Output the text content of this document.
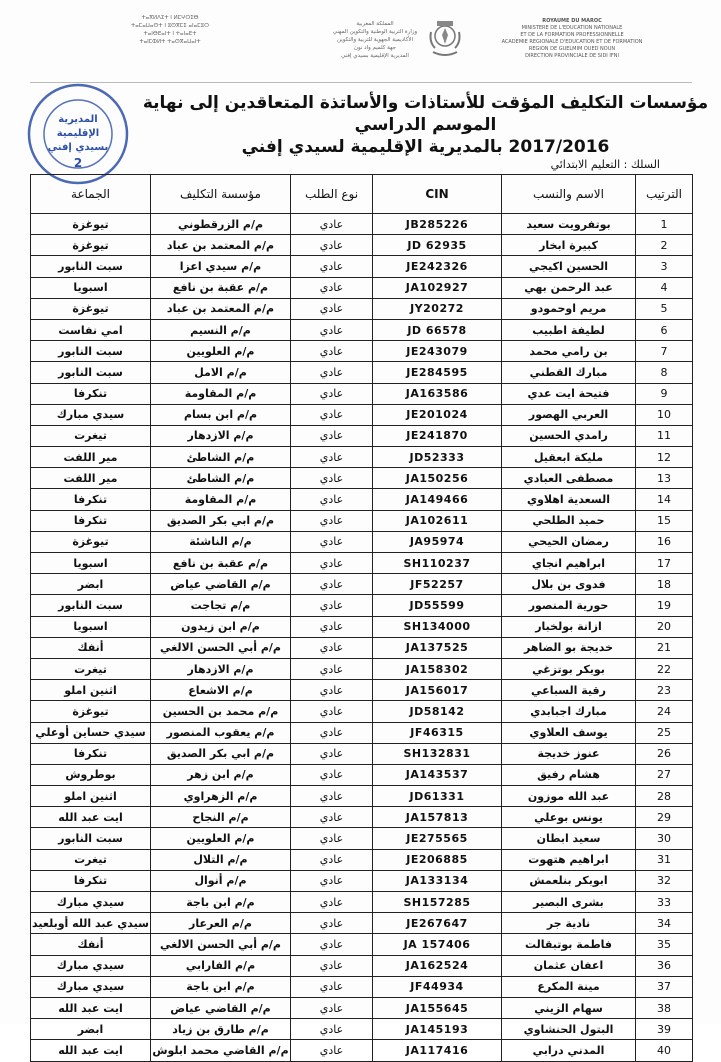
ⵜⴰⴳⵍⴷⵉⵜ ⵏ ⵍⵎⵖⵔⵉⴱ
ⵜⴰⵎⴰⵡⴰⵙⵜ ⵏ ⵓⵙⴳⵎⵉ ⴰⵏⴰⵎⵓⵔ
ⵜⴰⵏⴱⴹⴰⵏⵜ ⵏ ⵜⴰⵏⴰⴹⵜ
ⵜⴰⵏⵎⵀⵍⵜ ⵜⴰⵙⴳⴰⵡⴰⵏⵜ
المملكة المغربية
وزارة التربية الوطنية والتكوين المهني
الأكاديمية الجهوية للتربية والتكوين
جهة كلميم واد نون
المديرية الإقليمية بسيدي إفني
ROYAUME DU MAROC
MINISTERE DE L'EDUCATION NATIONALE
ET DE LA FORMATION PROFESSIONNELLE
ACADEMIE REGIONALE D'EDUCATION ET DE FORMATION
REGION DE GUELMIM OUED NOUN
DIRECTION PROVINCIALE DE SIDI IFNI
مؤسسات التكليف المؤقت للأستاذات والأساتذة المتعاقدين إلى نهاية الموسم الدراسي
2017/2016 بالمديرية الإقليمية لسيدي إفني
المديرية
الإقليمية
بسيدي إفني
2	السلك : التعليم الابتدائي
الترتيب	الاسم والنسب	CIN	نوع الطلب	مؤسسة التكليف	الجماعة
1	بوتفرويت سعيد	JB285226	عادي	م/م الزرقطوني	تيوغزة
2	كبيرة ابخار	JD 62935	عادي	م/م المعتمد بن عباد	تيوغزة
3	الحسين اكيجي	JE242326	عادي	م/م سيدي اعزا	سبت النابور
4	عبد الرحمن بهي	JA102927	عادي	م/م عقبة بن نافع	اسبويا
5	مريم اوحمودو	JY20272	عادي	م/م المعتمد بن عباد	تيوغزة
6	لطيفة اطبيب	JD 66578	عادي	م/م النسيم	امي نفاست
7	بن رامي محمد	JE243079	عادي	م/م العلويين	سبت النابور
8	مبارك القطني	JE284595	عادي	م/م الامل	سبت النابور
9	فتيحة ايت عدي	JA163586	عادي	م/م المقاومة	تنكرفا
10	العربي الهصور	JE201024	عادي	م/م ابن بسام	سيدي مبارك
11	رامدي الحسين	JE241870	عادي	م/م الازدهار	تيغرت
12	مليكة ابعقيل	JD52333	عادي	م/م الشاطئ	مير اللفت
13	مصطفى العبادي	JA150256	عادي	م/م الشاطئ	مير اللفت
14	السعدية اهلاوي	JA149466	عادي	م/م المقاومة	تنكرفا
15	حميد الطلحي	JA102611	عادي	م/م ابي بكر الصديق	تنكرفا
16	رمضان الحيحي	JA95974	عادي	م/م الناشئة	تيوغزة
17	ابراهيم انجاي	SH110237	عادي	م/م عقبة بن نافع	اسبويا
18	فدوى بن بلال	JF52257	عادي	م/م القاضي عياض	ابضر
19	حورية المنصور	JD55599	عادي	م/م تجاجت	سبت النابور
20	ازانة بولخبار	SH134000	عادي	م/م ابن زيدون	اسبويا
21	خديجة بو الضاهر	JA137525	عادي	م/م أبي الحسن الالغي	أنفك
22	بوبكر بوتزغي	JA158302	عادي	م/م الازدهار	تيغرت
23	رقية السباعي	JA156017	عادي	م/م الاشعاع	اثنين املو
24	مبارك اجبابدي	JD58142	عادي	م/م محمد بن الحسين	تيوغزة
25	يوسف العلاوي	JF46315	عادي	م/م يعقوب المنصور	سيدي حساين أوعلي
26	عنوز خديجة	SH132831	عادي	م/م ابي بكر الصديق	تنكرفا
27	هشام رفيق	JA143537	عادي	م/م ابن زهر	بوطروش
28	عبد الله موزون	JD61331	عادي	م/م الزهراوي	اثنين املو
29	يونس بوعلي	JA157813	عادي	م/م النجاح	ايت عبد الله
30	سعيد ابطان	JE275565	عادي	م/م العلويين	سبت النابور
31	ابراهيم هتهوت	JE206885	عادي	م/م التلال	تيغرت
32	ابوبكر بنلعمش	JA133134	عادي	م/م أنوال	تنكرفا
33	بشرى البصير	SH157285	عادي	م/م ابن باجة	سيدي مبارك
34	نادية جر	JE267647	عادي	م/م العرعار	سيدي عبد الله أوبلعيد
35	فاطمة بوتبقالت	JA 157406	عادي	م/م أبي الحسن الالغي	أنفك
36	اعفان عثمان	JA162524	عادي	م/م الفارابي	سيدي مبارك
37	مينة المكرع	JF44934	عادي	م/م ابن باجة	سيدي مبارك
38	سهام الزيني	JA155645	عادي	م/م القاضي عياض	ايت عبد الله
39	البتول الحنشاوي	JA145193	عادي	م/م طارق بن زياد	ابضر
40	المدني درابي	JA117416	عادي	م/م القاضي محمد ابلوش	ايت عبد الله
